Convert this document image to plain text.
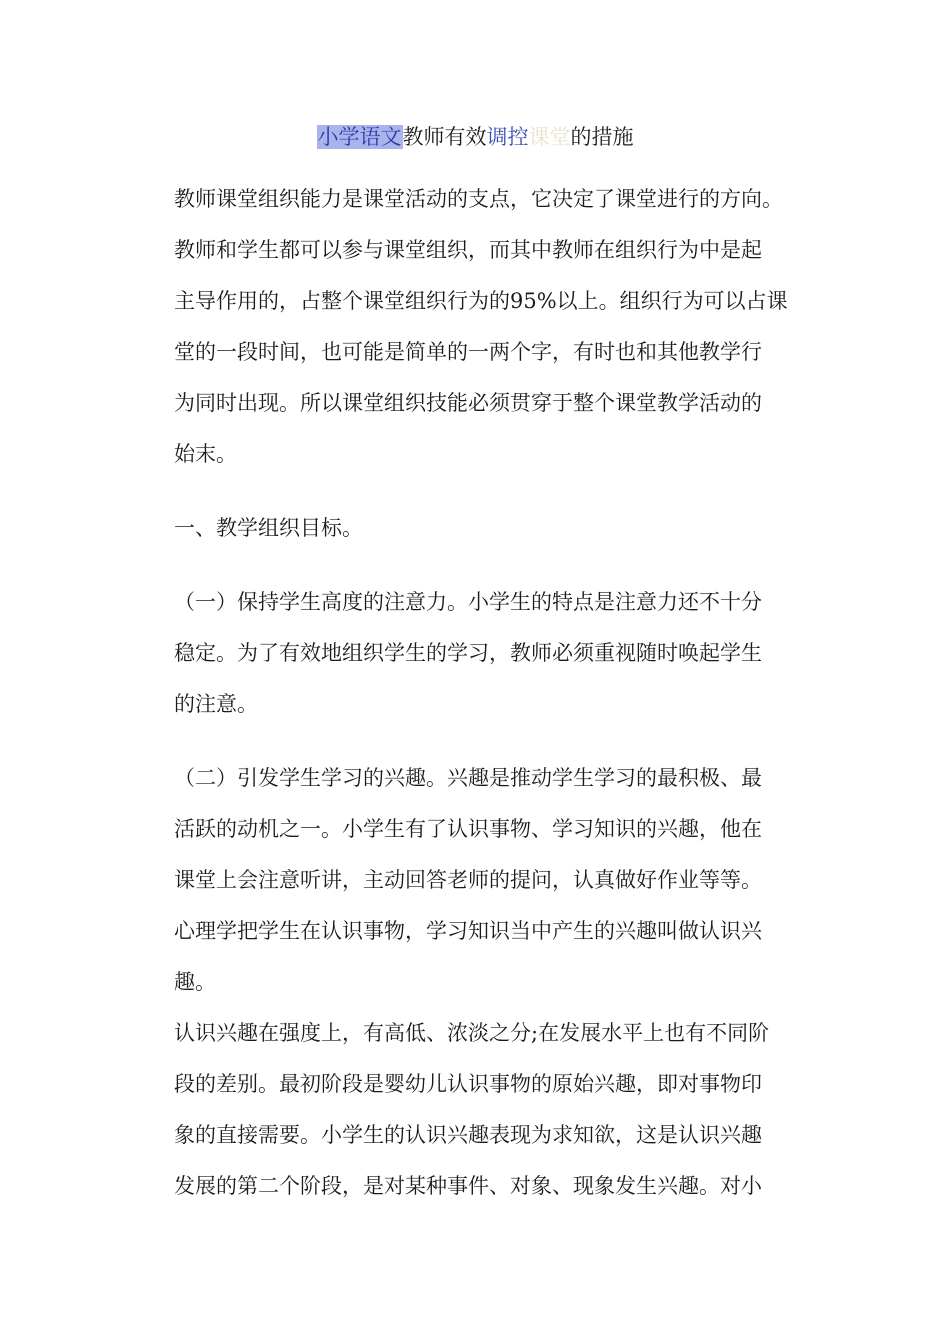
小学语文教师有效调控课堂的措施

教师课堂组织能力是课堂活动的支点，它决定了课堂进行的方向。
教师和学生都可以参与课堂组织，而其中教师在组织行为中是起
主导作用的，占整个课堂组织行为的95%以上。组织行为可以占课
堂的一段时间，也可能是简单的一两个字，有时也和其他教学行
为同时出现。所以课堂组织技能必须贯穿于整个课堂教学活动的
始末。

一、教学组织目标。

（一）保持学生高度的注意力。小学生的特点是注意力还不十分
稳定。为了有效地组织学生的学习，教师必须重视随时唤起学生
的注意。

（二）引发学生学习的兴趣。兴趣是推动学生学习的最积极、最
活跃的动机之一。小学生有了认识事物、学习知识的兴趣，他在
课堂上会注意听讲，主动回答老师的提问，认真做好作业等等。
心理学把学生在认识事物，学习知识当中产生的兴趣叫做认识兴
趣。

认识兴趣在强度上，有高低、浓淡之分;在发展水平上也有不同阶
段的差别。最初阶段是婴幼儿认识事物的原始兴趣，即对事物印
象的直接需要。小学生的认识兴趣表现为求知欲，这是认识兴趣
发展的第二个阶段，是对某种事件、对象、现象发生兴趣。对小
